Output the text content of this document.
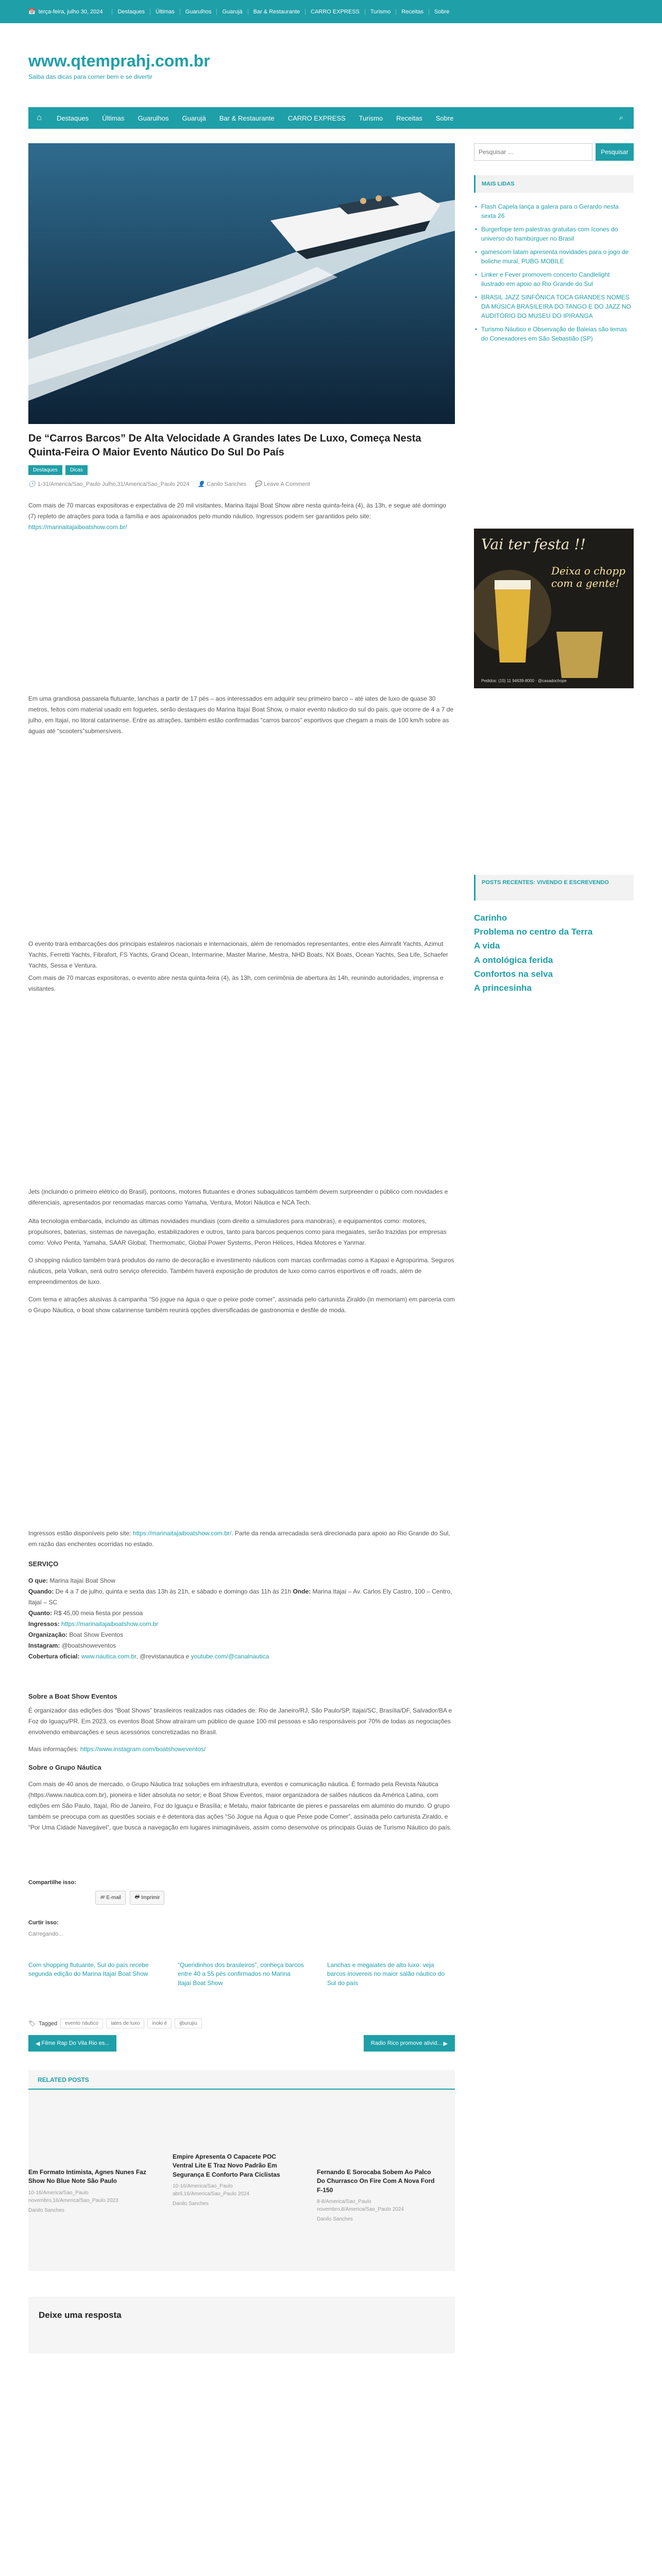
📅 terça-feira, julho 30, 2024	Destaques	Últimas	Guarulhos	Guarujá	Bar & Restaurante	CARRO EXPRESS	Turismo	Receitas	Sobre
www.qtemprahj.com.br
Saiba das dicas para comer bem e se divertir
⌂	Destaques	Últimas	Guarulhos	Guarujá	Bar & Restaurante	CARRO EXPRESS	Turismo	Receitas	Sobre	⌕
De “Carros Barcos” De Alta Velocidade A Grandes Iates De Luxo, Começa Nesta Quinta-Feira O Maior Evento Náutico Do Sul Do País
Destaques	Dicas
🕒 1-31/America/Sao_Paulo Julho,31/America/Sao_Paulo 2024 👤 Canilo Sanches 💬 Leave A Comment

Com mais de 70 marcas expositoras e expectativa de 20 mil visitantes, Marina Itajaí Boat Show abre nesta quinta-feira (4), às 13h, e segue até domingo (7) repleto de atrações para toda a família e aos apaixonados pelo mundo náutico. Ingressos podem ser garantidos pelo site: https://marinaitajaiboatshow.com.br/

Em uma grandiosa passarela flutuante, lanchas a partir de 17 pés – aos interessados em adquirir seu primeiro barco – até iates de luxo de quase 30 metros, feitos com material usado em foguetes, serão destaques do Marina Itajaí Boat Show, o maior evento náutico do sul do país, que ocorre de 4 a 7 de julho, em Itajaí, no litoral catarinense. Entre as atrações, também estão confirmadas “carros barcos” esportivos que chegam a mais de 100 km/h sobre as águas até “scooters”submersíveis.

O evento trará embarcações dos principais estaleiros nacionais e internacionais, além de renomados representantes, entre eles Aimrafit Yachts, Azimut Yachts, Ferretti Yachts, Fibrafort, FS Yachts, Grand Ocean, Intermarine, Master Marine, Mestra, NHD Boats, NX Boats, Ocean Yachts, Sea Life, Schaefer Yachts, Sessa e Ventura.

Com mais de 70 marcas expositoras, o evento abre nesta quinta-feira (4), às 13h, com cerimônia de abertura às 14h, reunindo autoridades, imprensa e visitantes.

Jets (incluindo o primeiro elétrico do Brasil), pontoons, motores flutuantes e drones subaquáticos também devem surpreender o público com novidades e diferenciais, apresentados por renomadas marcas como Yamaha, Ventura, Motori Náutica e NCA Tech.

Alta tecnologia embarcada, incluindo as últimas novidades mundiais (com direito a simuladores para manobras), e equipamentos como: motores, propulsores, baterias, sistemas de navegação, estabilizadores e outros, tanto para barcos pequenos como para megaiates, serão trazidas por empresas como: Volvo Penta, Yamaha, SAAR Global, Thermomatic, Global Power Systems, Peron Hélices, Hidea Motores e Yanmar.

O shopping náutico também trará produtos do ramo de decoração e investimento náuticos com marcas confirmadas como a Kapaxi e Agropúrima. Seguros náuticos, pela Volkan, será outro serviço oferecido. Também haverá exposição de produtos de luxo como carros esportivos e off roads, além de empreendimentos de luxo.

Com tema e atrações alusivas à campanha “Só jogue na água o que o peixe pode comer”, assinada pelo cartunista Ziraldo (in memoriam) em parceria com o Grupo Náutica, o boat show catarinense também reunirá opções diversificadas de gastronomia e desfile de moda.

Ingressos estão disponíveis pelo site: https://marinaitajaiboatshow.com.br/. Parte da renda arrecadada será direcionada para apoio ao Rio Grande do Sul, em razão das enchentes ocorridas no estado.

SERVIÇO
O que: Marina Itajaí Boat Show
Quando: De 4 a 7 de julho, quinta e sexta das 13h às 21h, e sábado e domingo das 11h às 21h Onde: Marina Itajaí – Av. Carlos Ely Castro, 100 – Centro, Itajaí – SC
Quanto: R$ 45,00 meia fiesta por pessoa
Ingressos: https://marinaitajaiboatshow.com.br
Organização: Boat Show Eventos
Instagram: @boatshoweventos
Cobertura oficial: www.nautica.com.br, @revistanautica e youtube.com/@canalnautica
Sobre a Boat Show Eventos

É organizador das edições dos “Boat Shows” brasileiros realizados nas cidades de: Rio de Janeiro/RJ, São Paulo/SP, Itajaí/SC, Brasília/DF, Salvador/BA e Foz do Iguaçu/PR. Em 2023, os eventos Boat Show atraíram um público de quase 100 mil pessoas e são responsáveis por 70% de todas as negociações envolvendo embarcações e seus acessórios concretizadas no Brasil.

Mais informações: https://www.instagram.com/boatshoweventos/

Sobre o Grupo Náutica

Com mais de 40 anos de mercado, o Grupo Náutica traz soluções em infraestrutura, eventos e comunicação náutica. É formado pela Revista Náutica (https://www.nautica.com.br), pioneira e líder absoluta no setor; e Boat Show Eventos, maior organizadora de salões náuticos da América Latina, com edições em São Paulo, Itajaí, Rio de Janeiro, Foz do Iguaçu e Brasília; e Metalu, maior fabricante de pieres e passarelas em alumínio do mundo. O grupo também se preocupa com as questões sociais e é detentora das ações “Só Jogue na Água o que Peixe pode Comer”, assinada pelo cartunista Ziraldo, e “Por Uma Cidade Navegável”, que busca a navegação em lugares inimagináveis, assim como desenvolve os principais Guias de Turismo Náutico do país.

Compartilhe isso:
✉ E-mail	🖶 Imprimir
Curtir isso:
Carregando...
Com shopping flutuante, Sul do país recebe segunda edição do Marina Itajaí Boat Show
“Queridinhos dos brasileiros”, conheça barcos entre 40 a 55 pés confirmados no Marina Itajaí Boat Show
Lanchas e megaiates de alto luxo: veja barcos inovereis no maior salão náutico do Sul do país
🏷 Tagged	evento náutico	iates de luxo	inoki é	ijburujiu
◀ Filme Rap Do Vila Rio es...	Radio Rico promove ativid... ▶
RELATED POSTS
Em Formato Intimista, Agnes Nunes Faz Show No Blue Note São Paulo
10-16/America/Sao_Paulo novembro,16/America/Sao_Paulo 2023
Danilo Sanches
Empire Apresenta O Capacete POC Ventral Lite E Traz Novo Padrão Em Segurança E Conforto Para Ciclistas
10-16/America/Sao_Paulo abril,16/America/Sao_Paulo 2024
Danilo Sanches
Fernando E Sorocaba Sobem Ao Palco Do Churrasco On Fire Com A Nova Ford F-150
8-8/America/Sao_Paulo novembro,8/America/Sao_Paulo 2024
Danilo Sanches
Deixe uma resposta
Pesquisar ...
Pesquisar
MAIS LIDAS
• Flash Capela lança a galera para o Gerardo nesta sexta 26
• Burgerfope tem palestras gratuitas com ícones do universo do hambúrguer no Brasil
• gamescom latam apresenta novidades para o jogo de boliche mural, PUBG MOBILE
• Linker e Fever promovem concerto Candlelight ilustrado em apoio ao Rio Grande do Sul
• BRASIL JAZZ SINFÔNICA TOCA GRANDES NOMES DA MÚSICA BRASILEIRA DO TANGO E DO JAZZ NO AUDITÓRIO DO MUSEU DO IPIRANGA
• Turismo Náutico e Observação de Baleias são temas do Conexadores em São Sebastião (SP)
Vai ter festa !!
Deixa o chopp com a gente!
Pedidos: (15) 11 94639-8000 · @casadochope
POSTS RECENTES: VIVENDO E ESCREVENDO
Carinho
Problema no centro da Terra
A vida
A ontológica ferida
Confortos na selva
A princesinha
